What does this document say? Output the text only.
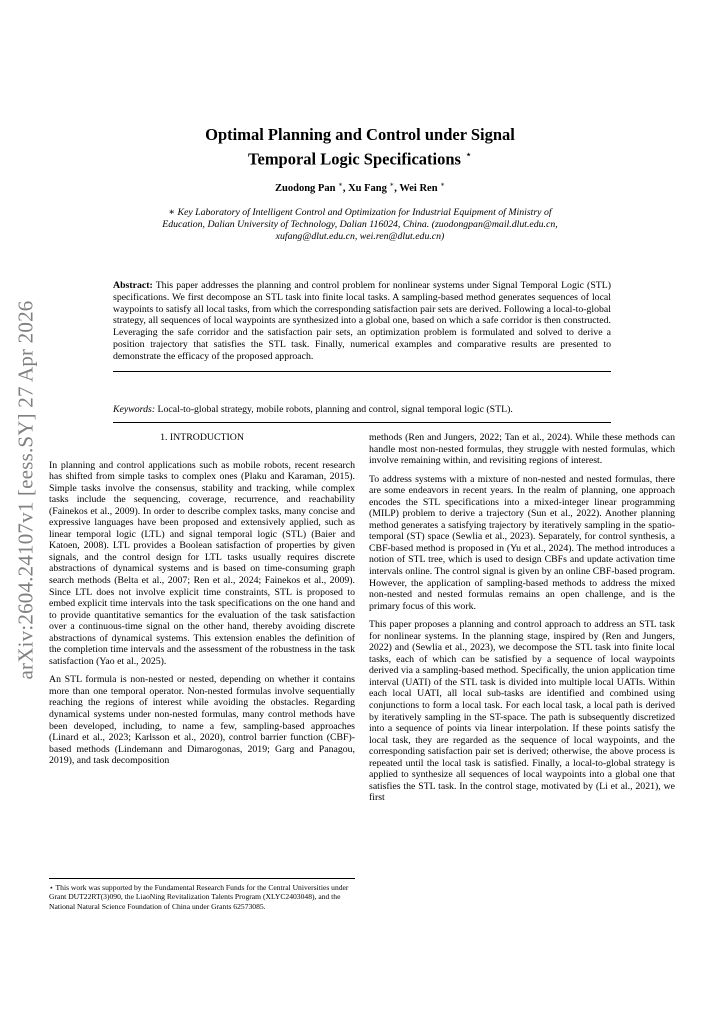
arXiv:2604.24107v1 [eess.SY] 27 Apr 2026
Optimal Planning and Control under Signal
Temporal Logic Specifications ⋆
Zuodong Pan ∗, Xu Fang ∗, Wei Ren ∗
∗ Key Laboratory of Intelligent Control and Optimization for Industrial Equipment of Ministry of Education, Dalian University of Technology, Dalian 116024, China. (zuodongpan@mail.dlut.edu.cn, xufang@dlut.edu.cn, wei.ren@dlut.edu.cn)
Abstract: This paper addresses the planning and control problem for nonlinear systems under Signal Temporal Logic (STL) specifications. We first decompose an STL task into finite local tasks. A sampling-based method generates sequences of local waypoints to satisfy all local tasks, from which the corresponding satisfaction pair sets are derived. Following a local-to-global strategy, all sequences of local waypoints are synthesized into a global one, based on which a safe corridor is then constructed. Leveraging the safe corridor and the satisfaction pair sets, an optimization problem is formulated and solved to derive a position trajectory that satisfies the STL task. Finally, numerical examples and comparative results are presented to demonstrate the efficacy of the proposed approach.
Keywords: Local-to-global strategy, mobile robots, planning and control, signal temporal logic (STL).
1. INTRODUCTION

In planning and control applications such as mobile robots, recent research has shifted from simple tasks to complex ones (Plaku and Karaman, 2015). Simple tasks involve the consensus, stability and tracking, while complex tasks include the sequencing, coverage, recurrence, and reachability (Fainekos et al., 2009). In order to describe complex tasks, many concise and expressive languages have been proposed and extensively applied, such as linear temporal logic (LTL) and signal temporal logic (STL) (Baier and Katoen, 2008). LTL provides a Boolean satisfaction of properties by given signals, and the control design for LTL tasks usually requires discrete abstractions of dynamical systems and is based on time-consuming graph search methods (Belta et al., 2007; Ren et al., 2024; Fainekos et al., 2009). Since LTL does not involve explicit time constraints, STL is proposed to embed explicit time intervals into the task specifications on the one hand and to provide quantitative semantics for the evaluation of the task satisfaction over a continuous-time signal on the other hand, thereby avoiding discrete abstractions of dynamical systems. This extension enables the definition of the completion time intervals and the assessment of the robustness in the task satisfaction (Yao et al., 2025).

An STL formula is non-nested or nested, depending on whether it contains more than one temporal operator. Non-nested formulas involve sequentially reaching the regions of interest while avoiding the obstacles. Regarding dynamical systems under non-nested formulas, many control methods have been developed, including, to name a few, sampling-based approaches (Linard et al., 2023; Karlsson et al., 2020), control barrier function (CBF)-based methods (Lindemann and Dimarogonas, 2019; Garg and Panagou, 2019), and task decomposition

methods (Ren and Jungers, 2022; Tan et al., 2024). While these methods can handle most non-nested formulas, they struggle with nested formulas, which involve remaining within, and revisiting regions of interest.

To address systems with a mixture of non-nested and nested formulas, there are some endeavors in recent years. In the realm of planning, one approach encodes the STL specifications into a mixed-integer linear programming (MILP) problem to derive a trajectory (Sun et al., 2022). Another planning method generates a satisfying trajectory by iteratively sampling in the spatio-temporal (ST) space (Sewlia et al., 2023). Separately, for control synthesis, a CBF-based method is proposed in (Yu et al., 2024). The method introduces a notion of STL tree, which is used to design CBFs and update activation time intervals online. The control signal is given by an online CBF-based program. However, the application of sampling-based methods to address the mixed non-nested and nested formulas remains an open challenge, and is the primary focus of this work.

This paper proposes a planning and control approach to address an STL task for nonlinear systems. In the planning stage, inspired by (Ren and Jungers, 2022) and (Sewlia et al., 2023), we decompose the STL task into finite local tasks, each of which can be satisfied by a sequence of local waypoints derived via a sampling-based method. Specifically, the union application time interval (UATI) of the STL task is divided into multiple local UATIs. Within each local UATI, all local sub-tasks are identified and combined using conjunctions to form a local task. For each local task, a local path is derived by iteratively sampling in the ST-space. The path is subsequently discretized into a sequence of points via linear interpolation. If these points satisfy the local task, they are regarded as the sequence of local waypoints, and the corresponding satisfaction pair set is derived; otherwise, the above process is repeated until the local task is satisfied. Finally, a local-to-global strategy is applied to synthesize all sequences of local waypoints into a global one that satisfies the STL task. In the control stage, motivated by (Li et al., 2021), we first

⋆ This work was supported by the Fundamental Research Funds for the Central Universities under Grant DUT22RT(3)090, the LiaoNing Revitalization Talents Program (XLYC2403048), and the National Natural Science Foundation of China under Grants 62573085.
